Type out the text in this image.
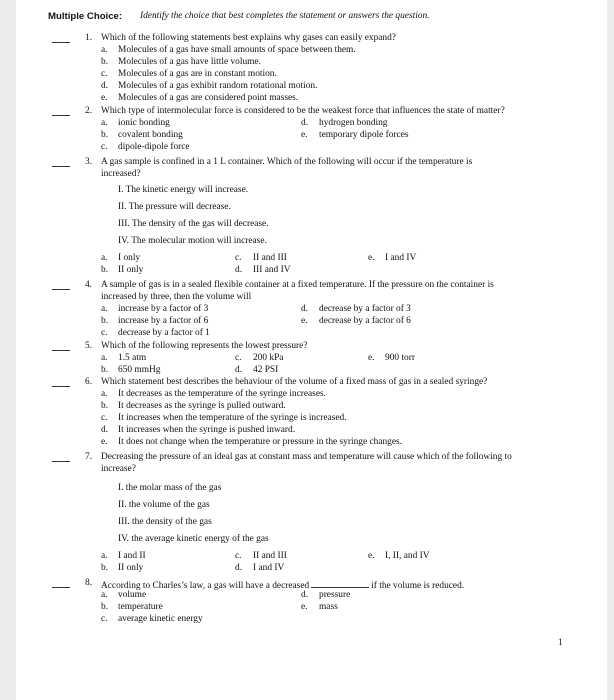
Multiple Choice: Identify the choice that best completes the statement or answers the question.
1. Which of the following statements best explains why gases can easily expand?
a. Molecules of a gas have small amounts of space between them.
b. Molecules of a gas have little volume.
c. Molecules of a gas are in constant motion.
d. Molecules of a gas exhibit random rotational motion.
e. Molecules of a gas are considered point masses.
2. Which type of intermolecular force is considered to be the weakest force that influences the state of matter?
a. ionic bonding
b. covalent bonding
c. dipole-dipole force
d. hydrogen bonding
e. temporary dipole forces
3. A gas sample is confined in a 1 L container. Which of the following will occur if the temperature is
increased?
I. The kinetic energy will increase.
II. The pressure will decrease.
III. The density of the gas will decrease.
IV. The molecular motion will increase.
a. I only
b. II only
c. II and III
d. III and IV
e. I and IV
4. A sample of gas is in a sealed flexible container at a fixed temperature. If the pressure on the container is
increased by three, then the volume will
a. increase by a factor of 3
b. increase by a factor of 6
c. decrease by a factor of 1
d. decrease by a factor of 3
e. decrease by a factor of 6
5. Which of the following represents the lowest pressure?
a. 1.5 atm
b. 650 mmHg
c. 200 kPa
d. 42 PSI
e. 900 torr
6. Which statement best describes the behaviour of the volume of a fixed mass of gas in a sealed syringe?
a. It decreases as the temperature of the syringe increases.
b. It decreases as the syringe is pulled outward.
c. It increases when the temperature of the syringe is increased.
d. It increases when the syringe is pushed inward.
e. It does not change when the temperature or pressure in the syringe changes.
7. Decreasing the pressure of an ideal gas at constant mass and temperature will cause which of the following to
increase?
I. the molar mass of the gas
II. the volume of the gas
III. the density of the gas
IV. the average kinetic energy of the gas
a. I and II
b. II only
c. II and III
d. I and IV
e. I, II, and IV
8. According to Charles’s law, a gas will have a decreased	if the volume is reduced.
a. volume
b. temperature
c. average kinetic energy
d. pressure
e. mass
1
